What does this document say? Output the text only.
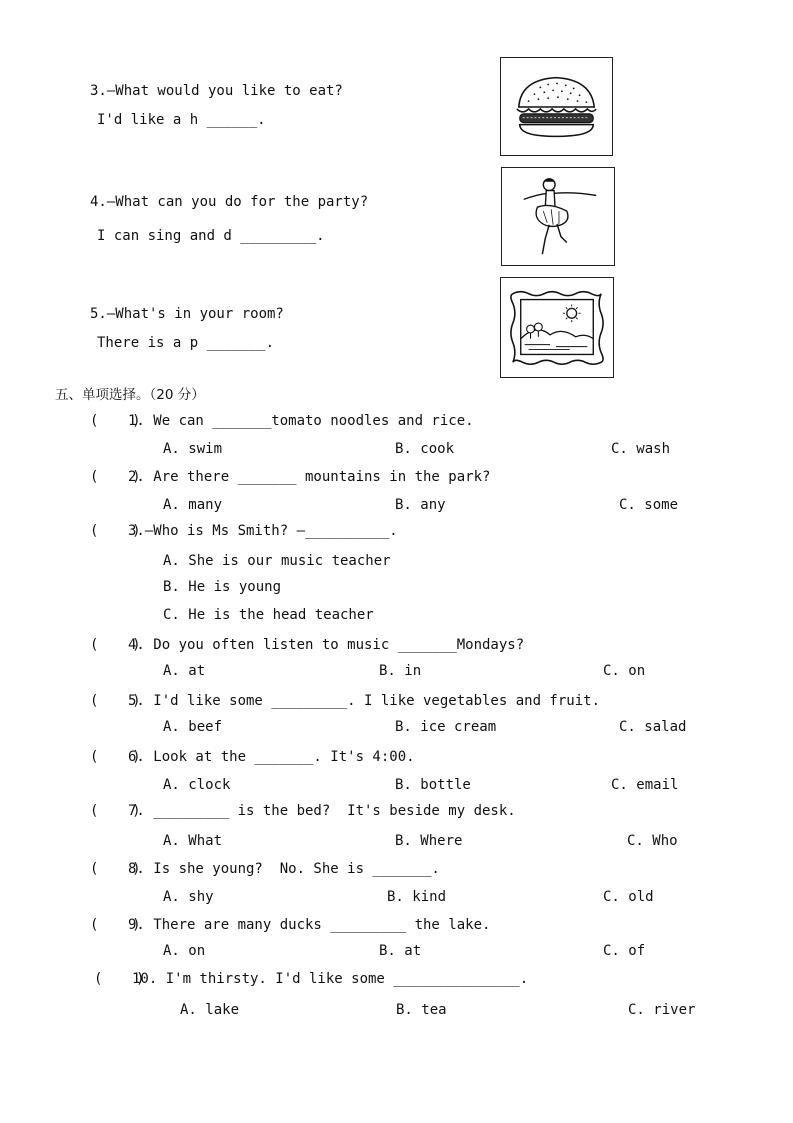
3.—What would you like to eat?
I'd like a h ______.
4.—What can you do for the party?
I can sing and d _________.
5.—What's in your room?
There is a p _______.
五、单项选择。（20 分）
(    )
1. We can _______tomato noodles and rice.
A. swim	B. cook	C. wash
(    )
2. Are there _______ mountains in the park?
A. many	B. any	C. some
(    )
3.—Who is Ms Smith? —__________.
A. She is our music teacher
B. He is young
C. He is the head teacher
(    )
4. Do you often listen to music _______Mondays?
A. at	B. in	C. on
(    )
5. I'd like some _________. I like vegetables and fruit.
A. beef	B. ice cream	C. salad
(    )
6. Look at the _______. It's 4:00.
A. clock	B. bottle	C. email
(    )
7. _________ is the bed?  It's beside my desk.
A. What	B. Where	C. Who
(    )
8. Is she young?  No. She is _______.
A. shy	B. kind	C. old
(    )
9. There are many ducks _________ the lake.
A. on	B. at	C. of
(    )
10. I'm thirsty. I'd like some _______________.
A. lake	B. tea	C. river
